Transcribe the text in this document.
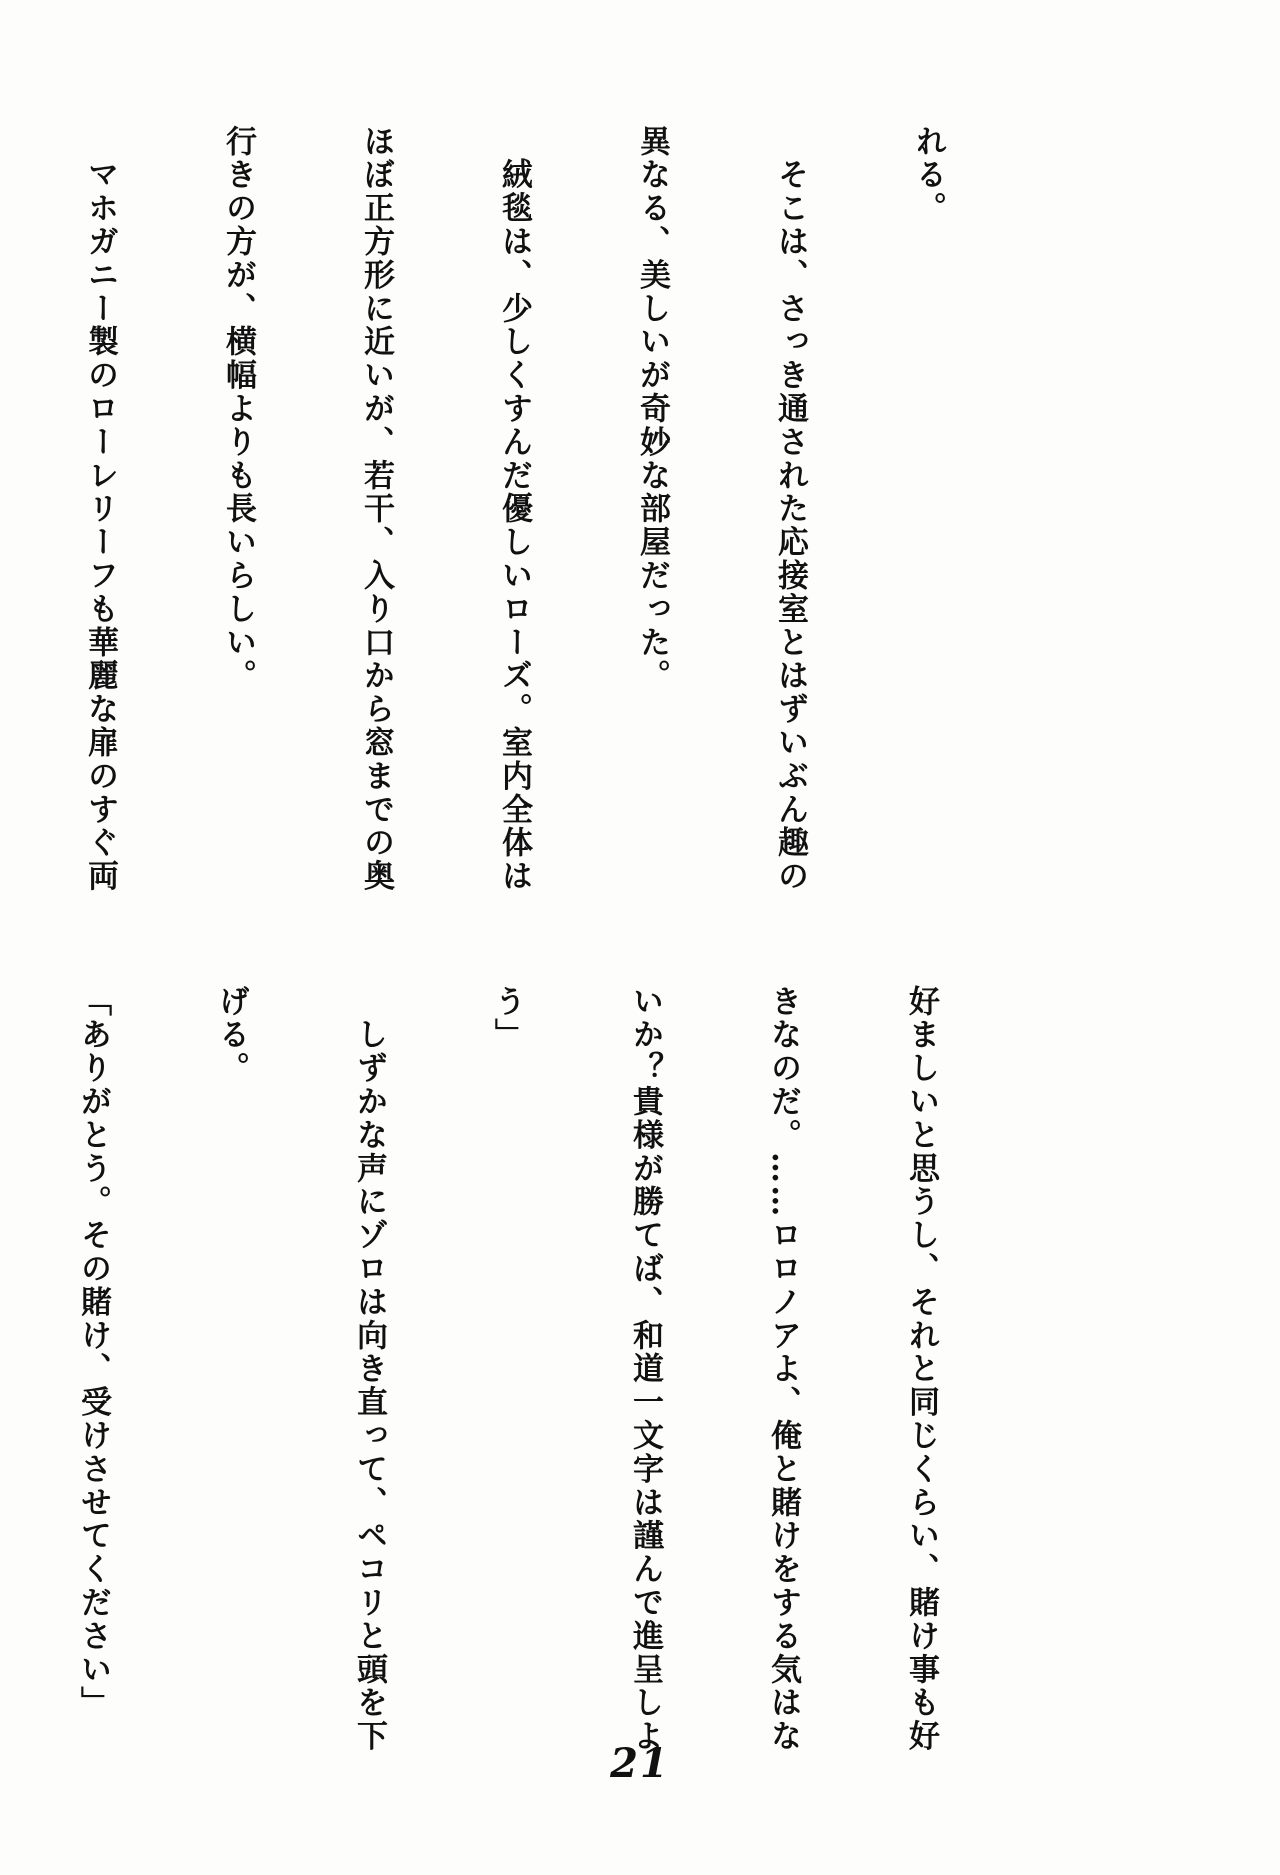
れる。

　そこは、さっき通された応接室とはずいぶん趣の

異なる、美しいが奇妙な部屋だった。

　絨毯は、少しくすんだ優しいローズ。室内全体は

ほぼ正方形に近いが、若干、入り口から窓までの奥

行きの方が、横幅よりも長いらしい。

　マホガニー製のローレリーフも華麗な扉のすぐ両

好ましいと思うし、それと同じくらい、賭け事も好

きなのだ。……ロロノアよ、俺と賭けをする気はな

いか？貴様が勝てば、和道一文字は謹んで進呈しよ

う」

　しずかな声にゾロは向き直って、ペコリと頭を下

げる。

「ありがとう。その賭け、受けさせてください」

21
